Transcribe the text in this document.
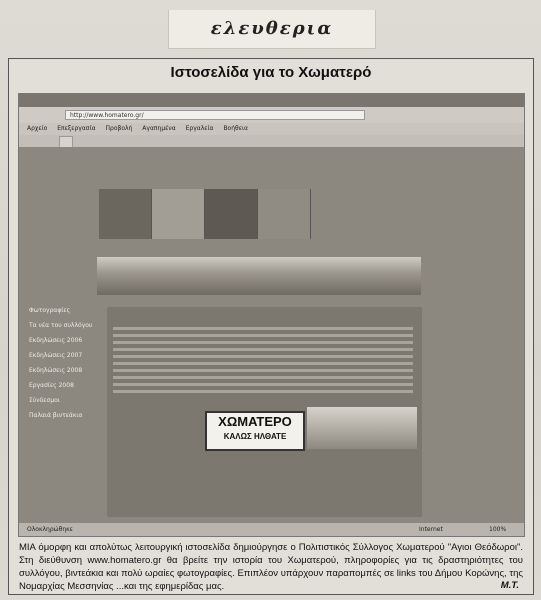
ελευθερια
Ιστοσελίδα για το Χωματερό
http://www.homatero.gr/
Αρχείο Επεξεργασία Προβολή Αγαπημένα Εργαλεία Βοήθεια
Φωτογραφίες
Τα νέα του συλλόγου
Εκδηλώσεις 2006
Εκδηλώσεις 2007
Εκδηλώσεις 2008
Εργασίες 2008
Σύνδεσμοι
Παλαιά βιντεάκια	ΧΩΜΑΤΕΡΟ
ΚΑΛΩΣ ΗΛΘΑΤΕ
Ολοκληρώθηκε	Internet	100%
ΜΙΑ όμορφη και απολύτως λειτουργική ιστοσελίδα δημιούργησε ο Πολιτιστικός Σύλλογος Χωματερού "Αγιοι Θεόδωροι". Στη διεύθυνση www.homatero.gr θα βρείτε την ιστορία του Χωματερού, πληροφορίες για τις δραστηριότητες του συλλόγου, βιντεάκια και πολύ ωραίες φωτογραφίες. Επιπλέον υπάρχουν παραπομπές σε links του Δήμου Κορώνης, της Νομαρχίας Μεσσηνίας ...και της εφημερίδας μας.	Μ.Τ.
